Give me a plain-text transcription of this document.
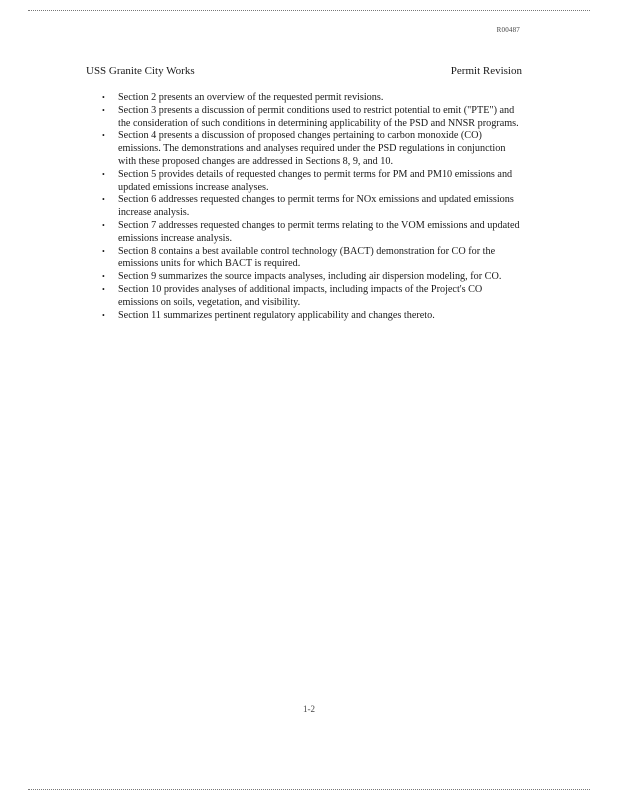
R00487
USS Granite City Works	Permit Revision
• Section 2 presents an overview of the requested permit revisions.
• Section 3 presents a discussion of permit conditions used to restrict potential to emit ("PTE") and the consideration of such conditions in determining applicability of the PSD and NNSR programs.
• Section 4 presents a discussion of proposed changes pertaining to carbon monoxide (CO) emissions. The demonstrations and analyses required under the PSD regulations in conjunction with these proposed changes are addressed in Sections 8, 9, and 10.
• Section 5 provides details of requested changes to permit terms for PM and PM10 emissions and updated emissions increase analyses.
• Section 6 addresses requested changes to permit terms for NOx emissions and updated emissions increase analysis.
• Section 7 addresses requested changes to permit terms relating to the VOM emissions and updated emissions increase analysis.
• Section 8 contains a best available control technology (BACT) demonstration for CO for the emissions units for which BACT is required.
• Section 9 summarizes the source impacts analyses, including air dispersion modeling, for CO.
• Section 10 provides analyses of additional impacts, including impacts of the Project's CO emissions on soils, vegetation, and visibility.
• Section 11 summarizes pertinent regulatory applicability and changes thereto.
1-2
